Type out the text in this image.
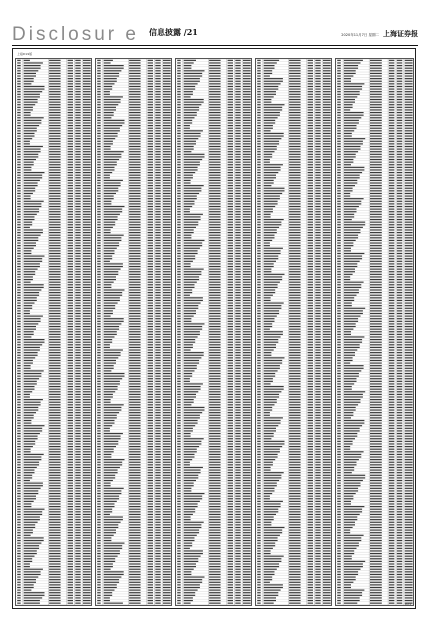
Disclosur e 信息披露 /21	2020年11月7日 星期二 上海证券报
上接D19版
D21
